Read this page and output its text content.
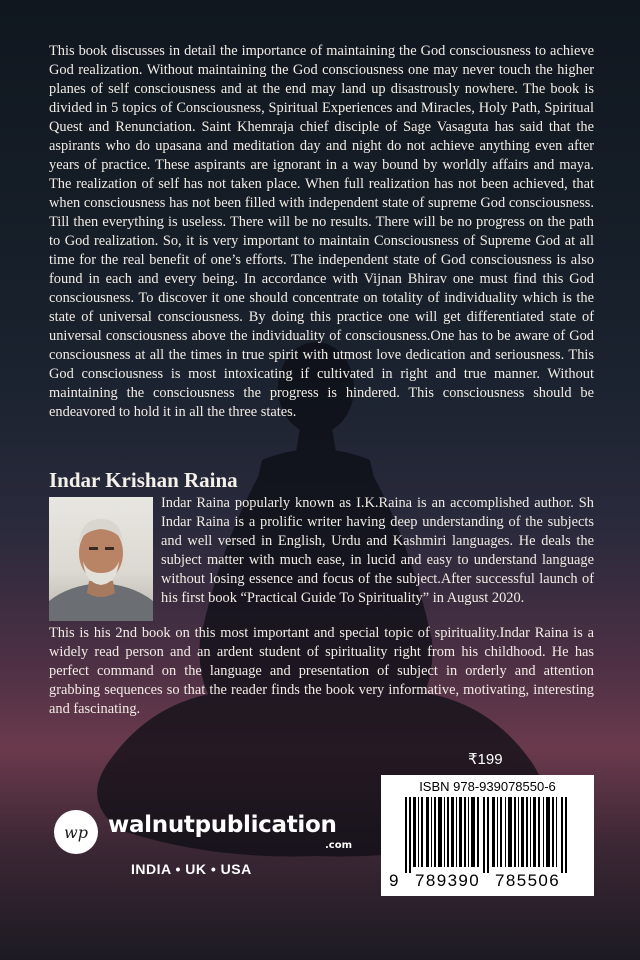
This book discusses in detail the importance of maintaining the God consciousness to achieve God realization. Without maintaining the God consciousness one may never touch the higher planes of self consciousness and at the end may land up disastrously nowhere. The book is divided in 5 topics of Consciousness, Spiritual Experiences and Miracles, Holy Path, Spiritual Quest and Renunciation. Saint Khemraja chief disciple of Sage Vasaguta has said that the aspirants who do upasana and meditation day and night do not achieve anything even after years of practice. These aspirants are ignorant in a way bound by worldly affairs and maya. The realization of self has not taken place. When full realization has not been achieved, that when consciousness has not been filled with independent state of supreme God consciousness. Till then everything is useless. There will be no results. There will be no progress on the path to God realization. So, it is very important to maintain Consciousness of Supreme God at all time for the real benefit of one’s efforts. The independent state of God consciousness is also found in each and every being. In accordance with Vijnan Bhirav one must find this God consciousness. To discover it one should concentrate on totality of individuality which is the state of universal consciousness. By doing this practice one will get differentiated state of universal consciousness above the individuality of consciousness.One has to be aware of God consciousness at all the times in true spirit with utmost love dedication and seriousness. This God consciousness is most intoxicating if cultivated in right and true manner. Without maintaining the consciousness the progress is hindered. This consciousness should be endeavored to hold it in all the three states.

Indar Krishan Raina

Indar Raina popularly known as I.K.Raina is an accomplished author. Sh Indar Raina is a prolific writer having deep understanding of the subjects and well versed in English, Urdu and Kashmiri languages. He deals the subject matter with much ease, in lucid and easy to understand language without losing essence and focus of the subject.After successful launch of his first book “Practical Guide To Spirituality” in August 2020.

This is his 2nd book on this most important and special topic of spirituality.Indar Raina is a widely read person and an ardent student of spirituality right from his childhood. He has perfect command on the language and presentation of subject in orderly and attention grabbing sequences so that the reader finds the book very informative, motivating, interesting and fascinating.

₹199
ISBN 978-939078550-6
9 789390 785506
wp walnutpublication
.com
INDIA • UK • USA
